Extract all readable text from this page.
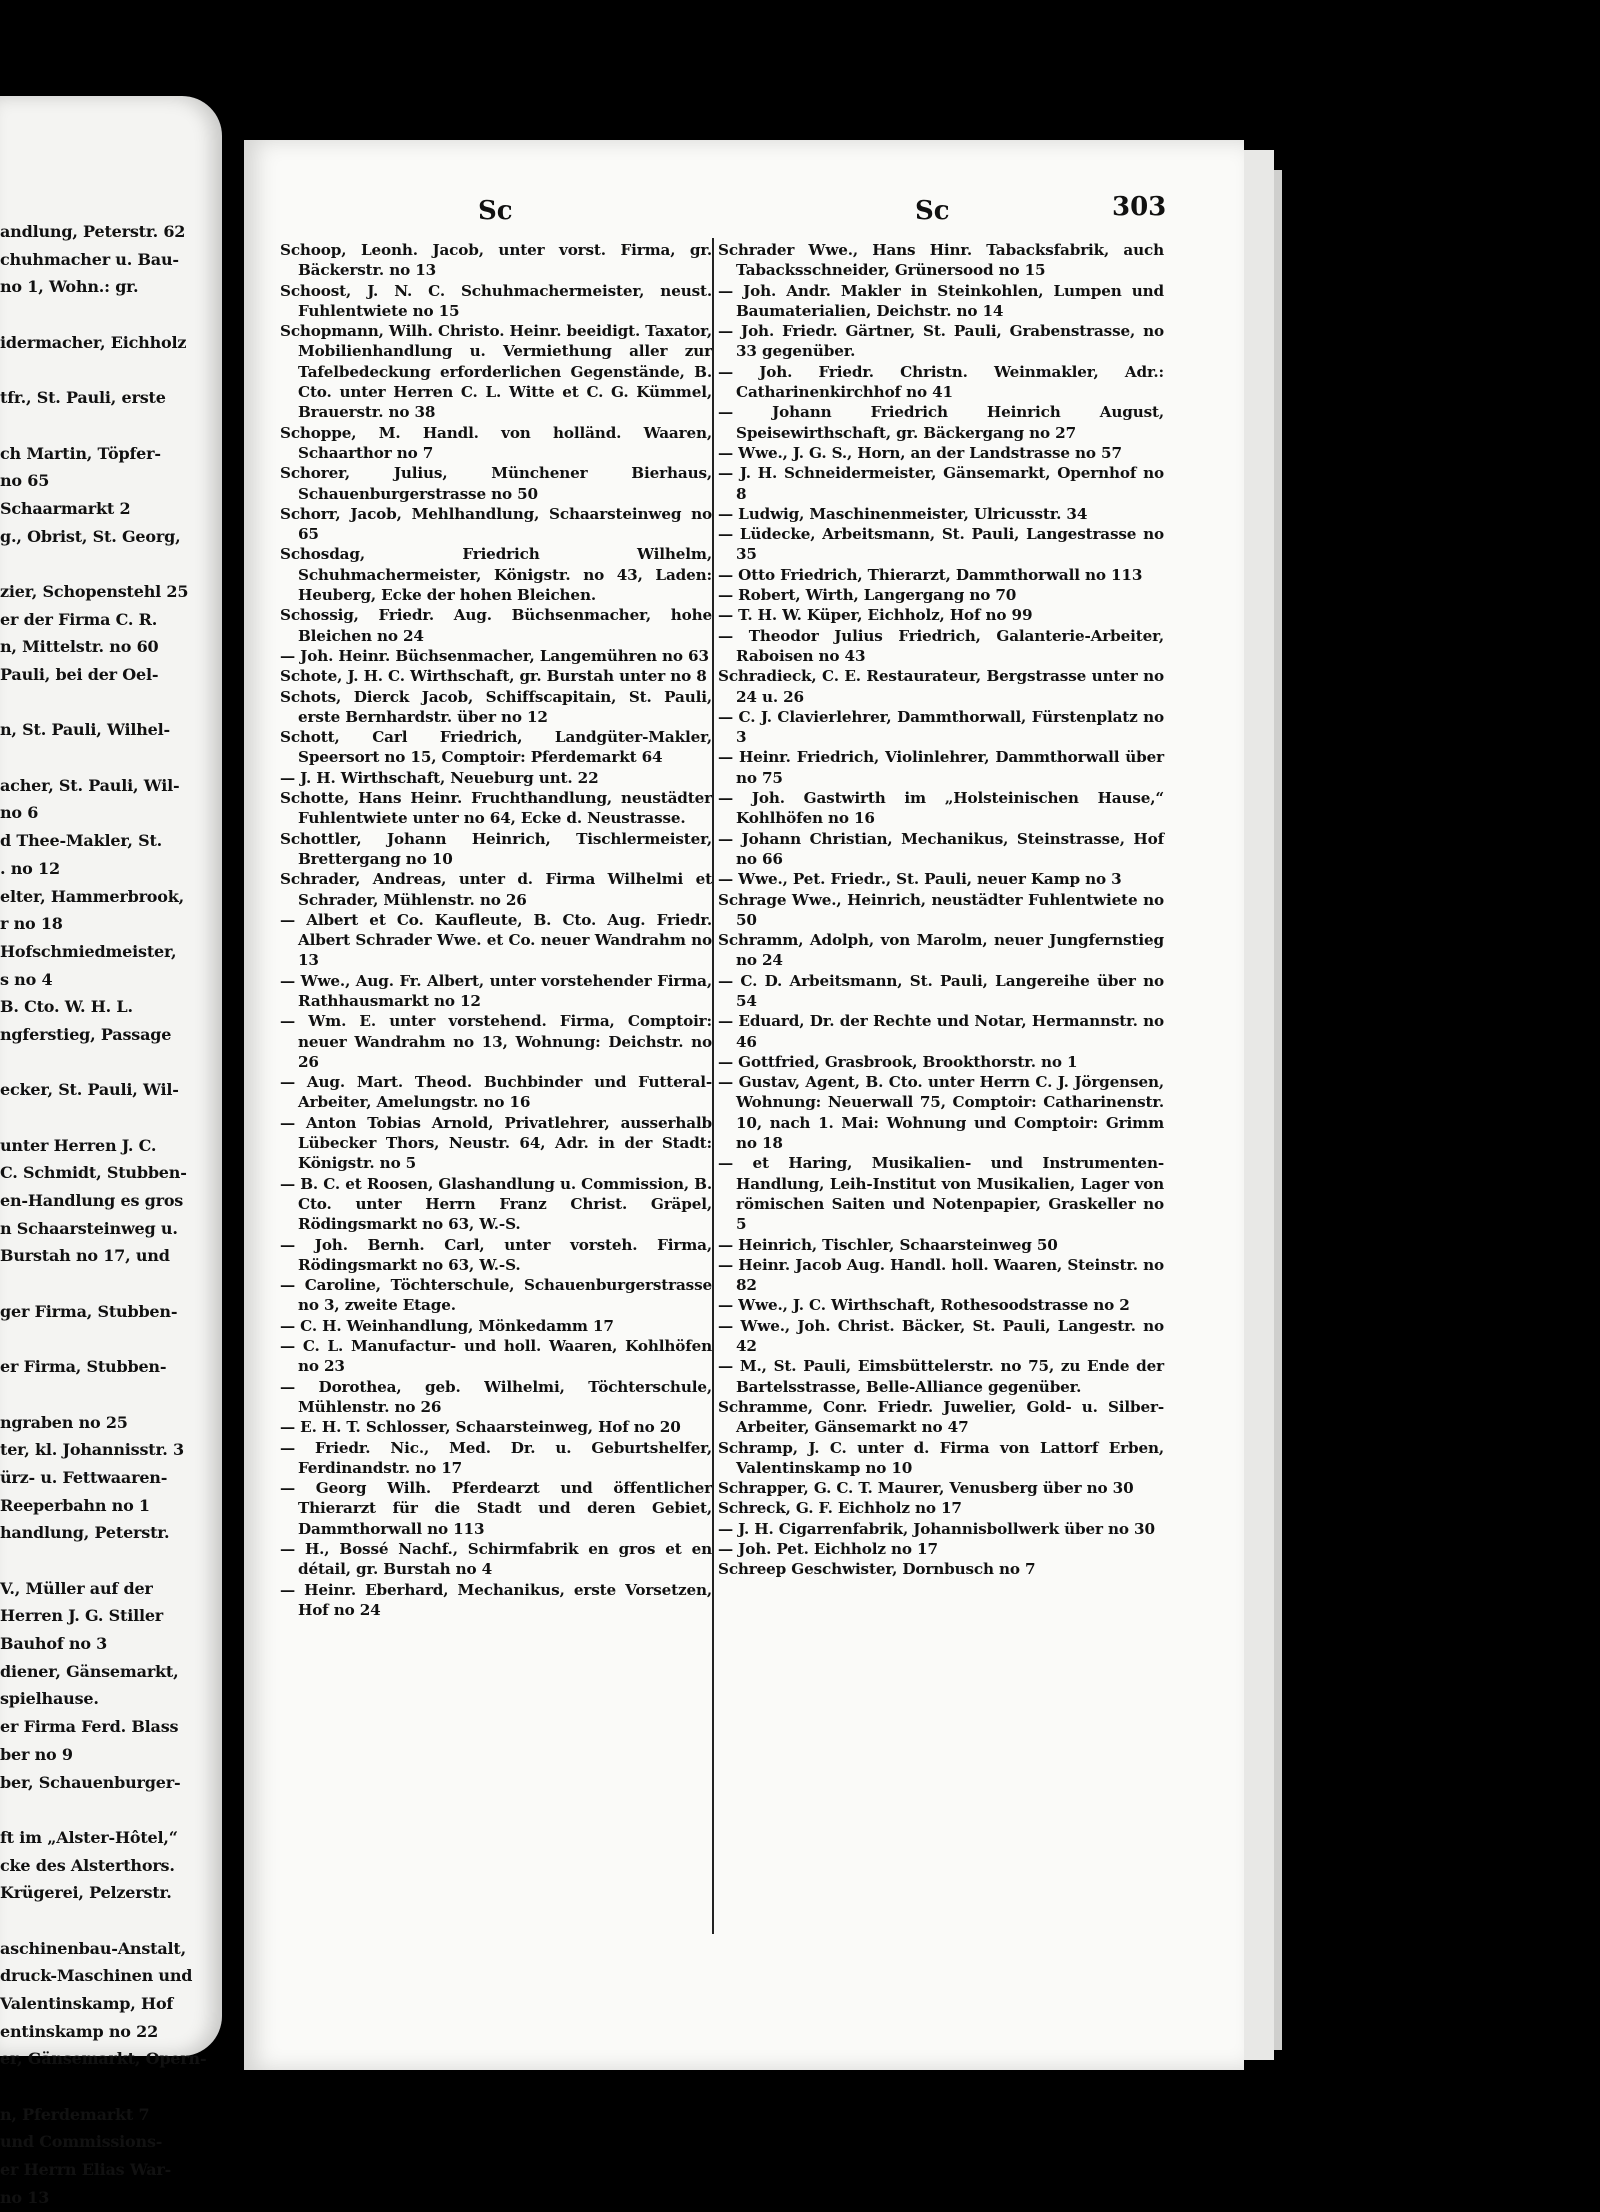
andlung, Peterstr. 62
chuhmacher u. Bau-
no 1, Wohn.: gr.
idermacher, Eichholz
tfr., St. Pauli, erste
ch Martin, Töpfer-
no 65
Schaarmarkt 2
g., Obrist, St. Georg,
zier, Schopenstehl 25
er der Firma C. R.
n, Mittelstr. no 60
Pauli, bei der Oel-
n, St. Pauli, Wilhel-
acher, St. Pauli, Wil-
no 6
d Thee-Makler, St.
. no 12
elter, Hammerbrook,
r no 18
Hofschmiedmeister,
s no 4
B. Cto. W. H. L.
ngferstieg, Passage
ecker, St. Pauli, Wil-
unter Herren J. C.
C. Schmidt, Stubben-
en-Handlung es gros
n Schaarsteinweg u.
Burstah no 17, und
ger Firma, Stubben-
er Firma, Stubben-
ngraben no 25
ter, kl. Johannisstr. 3
ürz- u. Fettwaaren-
Reeperbahn no 1
handlung, Peterstr.
V., Müller auf der
Herren J. G. Stiller
Bauhof no 3
diener, Gänsemarkt,
spielhause.
er Firma Ferd. Blass
ber no 9
ber, Schauenburger-
ft im „Alster-Hôtel,“
cke des Alsterthors.
Krügerei, Pelzerstr.
aschinenbau-Anstalt,
druck-Maschinen und
Valentinskamp, Hof
entinskamp no 22
er, Gänsemarkt, Opern-
n, Pferdemarkt 7
und Commissions-
er Herrn Elias War-
no 13
Sc	Sc	303
Schoop, Leonh. Jacob, unter vorst. Firma, gr. Bäckerstr. no 13
Schoost, J. N. C. Schuhmachermeister, neust. Fuhlentwiete no 15
Schopmann, Wilh. Christo. Heinr. beeidigt. Taxator, Mobilienhandlung u. Vermiethung aller zur Tafelbedeckung erforderlichen Gegenstände, B. Cto. unter Herren C. L. Witte et C. G. Kümmel, Brauerstr. no 38
Schoppe, M. Handl. von holländ. Waaren, Schaarthor no 7
Schorer, Julius, Münchener Bierhaus, Schauenburgerstrasse no 50
Schorr, Jacob, Mehlhandlung, Schaarsteinweg no 65
Schosdag, Friedrich Wilhelm, Schuhmachermeister, Königstr. no 43, Laden: Heuberg, Ecke der hohen Bleichen.
Schossig, Friedr. Aug. Büchsenmacher, hohe Bleichen no 24
— Joh. Heinr. Büchsenmacher, Langemühren no 63
Schote, J. H. C. Wirthschaft, gr. Burstah unter no 8
Schots, Dierck Jacob, Schiffscapitain, St. Pauli, erste Bernhardstr. über no 12
Schott, Carl Friedrich, Landgüter-Makler, Speersort no 15, Comptoir: Pferdemarkt 64
— J. H. Wirthschaft, Neueburg unt. 22
Schotte, Hans Heinr. Fruchthandlung, neustädter Fuhlentwiete unter no 64, Ecke d. Neustrasse.
Schottler, Johann Heinrich, Tischlermeister, Brettergang no 10
Schrader, Andreas, unter d. Firma Wilhelmi et Schrader, Mühlenstr. no 26
— Albert et Co. Kaufleute, B. Cto. Aug. Friedr. Albert Schrader Wwe. et Co. neuer Wandrahm no 13
— Wwe., Aug. Fr. Albert, unter vorstehender Firma, Rathhausmarkt no 12
— Wm. E. unter vorstehend. Firma, Comptoir: neuer Wandrahm no 13, Wohnung: Deichstr. no 26
— Aug. Mart. Theod. Buchbinder und Futteral-Arbeiter, Amelungstr. no 16
— Anton Tobias Arnold, Privatlehrer, ausserhalb Lübecker Thors, Neustr. 64, Adr. in der Stadt: Königstr. no 5
— B. C. et Roosen, Glashandlung u. Commission, B. Cto. unter Herrn Franz Christ. Gräpel, Rödingsmarkt no 63, W.-S.
— Joh. Bernh. Carl, unter vorsteh. Firma, Rödingsmarkt no 63, W.-S.
— Caroline, Töchterschule, Schauenburgerstrasse no 3, zweite Etage.
— C. H. Weinhandlung, Mönkedamm 17
— C. L. Manufactur- und holl. Waaren, Kohlhöfen no 23
— Dorothea, geb. Wilhelmi, Töchterschule, Mühlenstr. no 26
— E. H. T. Schlosser, Schaarsteinweg, Hof no 20
— Friedr. Nic., Med. Dr. u. Geburtshelfer, Ferdinandstr. no 17
— Georg Wilh. Pferdearzt und öffentlicher Thierarzt für die Stadt und deren Gebiet, Dammthorwall no 113
— H., Bossé Nachf., Schirmfabrik en gros et en détail, gr. Burstah no 4
— Heinr. Eberhard, Mechanikus, erste Vorsetzen, Hof no 24
Schrader Wwe., Hans Hinr. Tabacksfabrik, auch Tabacksschneider, Grünersood no 15
— Joh. Andr. Makler in Steinkohlen, Lumpen und Baumaterialien, Deichstr. no 14
— Joh. Friedr. Gärtner, St. Pauli, Grabenstrasse, no 33 gegenüber.
— Joh. Friedr. Christn. Weinmakler, Adr.: Catharinenkirchhof no 41
— Johann Friedrich Heinrich August, Speisewirthschaft, gr. Bäckergang no 27
— Wwe., J. G. S., Horn, an der Landstrasse no 57
— J. H. Schneidermeister, Gänsemarkt, Opernhof no 8
— Ludwig, Maschinenmeister, Ulricusstr. 34
— Lüdecke, Arbeitsmann, St. Pauli, Langestrasse no 35
— Otto Friedrich, Thierarzt, Dammthorwall no 113
— Robert, Wirth, Langergang no 70
— T. H. W. Küper, Eichholz, Hof no 99
— Theodor Julius Friedrich, Galanterie-Arbeiter, Raboisen no 43
Schradieck, C. E. Restaurateur, Bergstrasse unter no 24 u. 26
— C. J. Clavierlehrer, Dammthorwall, Fürstenplatz no 3
— Heinr. Friedrich, Violinlehrer, Dammthorwall über no 75
— Joh. Gastwirth im „Holsteinischen Hause,“ Kohlhöfen no 16
— Johann Christian, Mechanikus, Steinstrasse, Hof no 66
— Wwe., Pet. Friedr., St. Pauli, neuer Kamp no 3
Schrage Wwe., Heinrich, neustädter Fuhlentwiete no 50
Schramm, Adolph, von Marolm, neuer Jungfernstieg no 24
— C. D. Arbeitsmann, St. Pauli, Langereihe über no 54
— Eduard, Dr. der Rechte und Notar, Hermannstr. no 46
— Gottfried, Grasbrook, Brookthorstr. no 1
— Gustav, Agent, B. Cto. unter Herrn C. J. Jörgensen, Wohnung: Neuerwall 75, Comptoir: Catharinenstr. 10, nach 1. Mai: Wohnung und Comptoir: Grimm no 18
— et Haring, Musikalien- und Instrumenten-Handlung, Leih-Institut von Musikalien, Lager von römischen Saiten und Notenpapier, Graskeller no 5
— Heinrich, Tischler, Schaarsteinweg 50
— Heinr. Jacob Aug. Handl. holl. Waaren, Steinstr. no 82
— Wwe., J. C. Wirthschaft, Rothesoodstrasse no 2
— Wwe., Joh. Christ. Bäcker, St. Pauli, Langestr. no 42
— M., St. Pauli, Eimsbüttelerstr. no 75, zu Ende der Bartelsstrasse, Belle-Alliance gegenüber.
Schramme, Conr. Friedr. Juwelier, Gold- u. Silber-Arbeiter, Gänsemarkt no 47
Schramp, J. C. unter d. Firma von Lattorf Erben, Valentinskamp no 10
Schrapper, G. C. T. Maurer, Venusberg über no 30
Schreck, G. F. Eichholz no 17
— J. H. Cigarrenfabrik, Johannisbollwerk über no 30
— Joh. Pet. Eichholz no 17
Schreep Geschwister, Dornbusch no 7
